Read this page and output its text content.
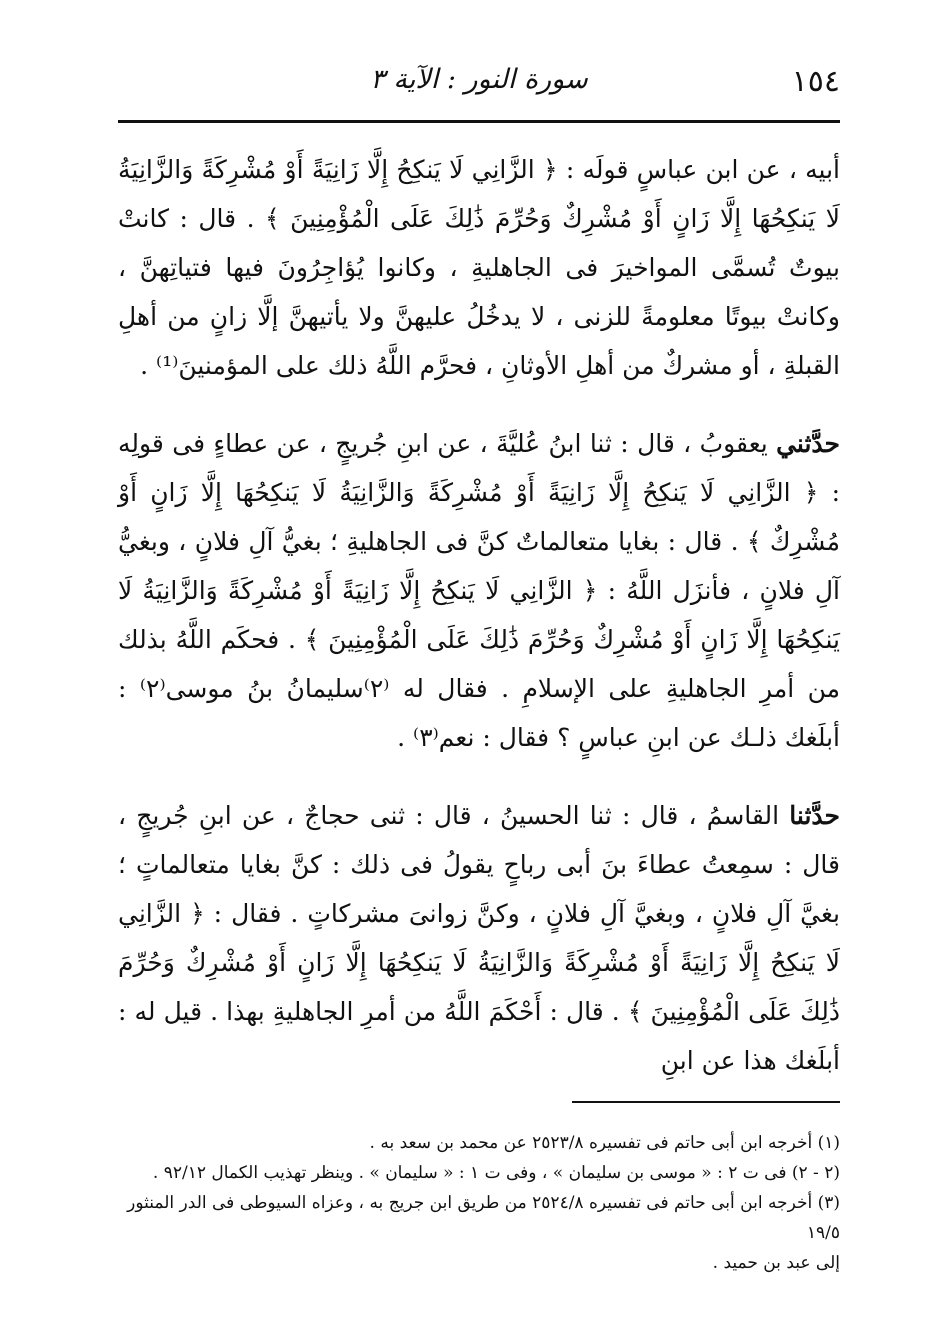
١٥٤
سورة النور : الآية ٣

أبيه ، عن ابن عباسٍ قولَه : ﴿ الزَّانِي لَا يَنكِحُ إِلَّا زَانِيَةً أَوْ مُشْرِكَةً وَالزَّانِيَةُ لَا يَنكِحُهَا إِلَّا زَانٍ أَوْ مُشْرِكٌ وَحُرِّمَ ذَٰلِكَ عَلَى الْمُؤْمِنِينَ ﴾ . قال : كانتْ بيوتٌ تُسمَّى المواخيرَ فى الجاهليةِ ، وكانوا يُؤاجِرُونَ فيها فتياتِهنَّ ، وكانتْ بيوتًا معلومةً للزنى ، لا يدخُلُ عليهنَّ ولا يأتيهنَّ إلَّا زانٍ من أهلِ القبلةِ ، أو مشركٌ من أهلِ الأوثانِ ، فحرَّم اللَّهُ ذلك على المؤمنينَ⁽¹⁾ .

حدَّثني يعقوبُ ، قال : ثنا ابنُ عُليَّةَ ، عن ابنِ جُريجٍ ، عن عطاءٍ فى قولِه : ﴿ الزَّانِي لَا يَنكِحُ إِلَّا زَانِيَةً أَوْ مُشْرِكَةً وَالزَّانِيَةُ لَا يَنكِحُهَا إِلَّا زَانٍ أَوْ مُشْرِكٌ ﴾ . قال : بغايا متعالماتٌ كنَّ فى الجاهليةِ ؛ بغيُّ آلِ فلانٍ ، وبغيُّ آلِ فلانٍ ، فأنزَل اللَّهُ : ﴿ الزَّانِي لَا يَنكِحُ إِلَّا زَانِيَةً أَوْ مُشْرِكَةً وَالزَّانِيَةُ لَا يَنكِحُهَا إِلَّا زَانٍ أَوْ مُشْرِكٌ وَحُرِّمَ ذَٰلِكَ عَلَى الْمُؤْمِنِينَ ﴾ . فحكَم اللَّهُ بذلك من أمرِ الجاهليةِ على الإسلامِ . فقال له ⁽٢⁾سليمانُ بنُ موسى⁽٢⁾ : أبلَغك ذلـك عن ابنِ عباسٍ ؟ فقال : نعم⁽٣⁾ .

حدَّثنا القاسمُ ، قال : ثنا الحسينُ ، قال : ثنى حجاجٌ ، عن ابنِ جُريجٍ ، قال : سمِعتُ عطاءَ بنَ أبى رباحٍ يقولُ فى ذلك : كنَّ بغايا متعالماتٍ ؛ بغيَّ آلِ فلانٍ ، وبغيَّ آلِ فلانٍ ، وكنَّ زوانىَ مشركاتٍ . فقال : ﴿ الزَّانِي لَا يَنكِحُ إِلَّا زَانِيَةً أَوْ مُشْرِكَةً وَالزَّانِيَةُ لَا يَنكِحُهَا إِلَّا زَانٍ أَوْ مُشْرِكٌ وَحُرِّمَ ذَٰلِكَ عَلَى الْمُؤْمِنِينَ ﴾ . قال : أَحْكَمَ اللَّهُ من أمرِ الجاهليةِ بهذا . قيل له : أبلَغك هذا عن ابنِ

(١) أخرجه ابن أبى حاتم فى تفسيره ٢٥٢٣/٨ عن محمد بن سعد به .

(٢ - ٢) فى ت ٢ : « موسى بن سليمان » ، وفى ت ١ : « سليمان » . وينظر تهذيب الكمال ٩٢/١٢ .

(٣) أخرجه ابن أبى حاتم فى تفسيره ٢٥٢٤/٨ من طريق ابن جريج به ، وعزاه السيوطى فى الدر المنثور ١٩/٥

إلى عبد بن حميد .
